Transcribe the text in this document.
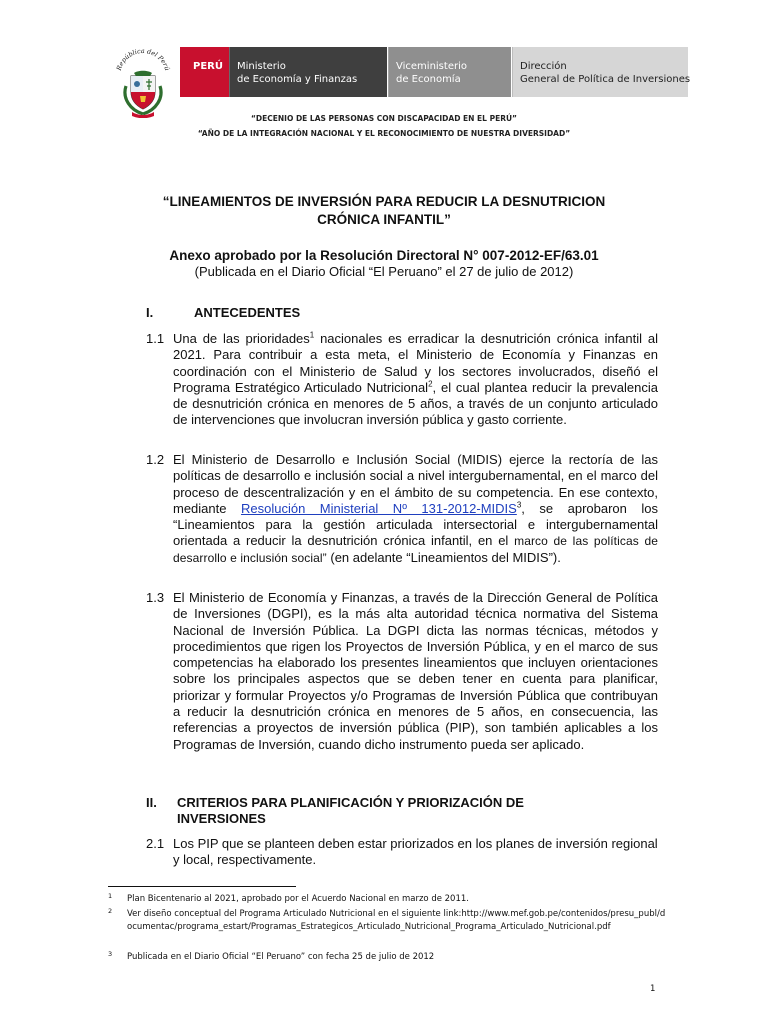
República del Perú PERÚ	Ministerio
de Economía y Finanzas
Viceministerio
de Economía
Dirección
General de Política de Inversiones
“DECENIO DE LAS PERSONAS CON DISCAPACIDAD EN EL PERÚ”
“AÑO DE LA INTEGRACIÓN NACIONAL Y EL RECONOCIMIENTO DE NUESTRA DIVERSIDAD”
“LINEAMIENTOS DE INVERSIÓN PARA REDUCIR LA DESNUTRICION
CRÓNICA INFANTIL”
Anexo aprobado por la Resolución Directoral N° 007-2012-EF/63.01
(Publicada en el Diario Oficial “El Peruano” el 27 de julio de 2012)
I.	ANTECEDENTES
1.1 Una de las prioridades$^1$ nacionales es erradicar la desnutrición crónica infantil al 2021. Para contribuir a esta meta, el Ministerio de Economía y Finanzas en coordinación con el Ministerio de Salud y los sectores involucrados, diseñó el Programa Estratégico Articulado Nutricional$^2$, el cual plantea reducir la prevalencia de desnutrición crónica en menores de 5 años, a través de un conjunto articulado de intervenciones que involucran inversión pública y gasto corriente.
1.2 El Ministerio de Desarrollo e Inclusión Social (MIDIS) ejerce la rectoría de las políticas de desarrollo e inclusión social a nivel intergubernamental, en el marco del proceso de descentralización y en el ámbito de su competencia. En ese contexto, mediante Resolución Ministerial Nº 131-2012-MIDIS$^3$, se aprobaron los “Lineamientos para la gestión articulada intersectorial e intergubernamental orientada a reducir la desnutrición crónica infantil, en el marco de las políticas de desarrollo e inclusión social” (en adelante “Lineamientos del MIDIS”).
1.3 El Ministerio de Economía y Finanzas, a través de la Dirección General de Política de Inversiones (DGPI), es la más alta autoridad técnica normativa del Sistema Nacional de Inversión Pública. La DGPI dicta las normas técnicas, métodos y procedimientos que rigen los Proyectos de Inversión Pública, y en el marco de sus competencias ha elaborado los presentes lineamientos que incluyen orientaciones sobre los principales aspectos que se deben tener en cuenta para planificar, priorizar y formular Proyectos y/o Programas de Inversión Pública que contribuyan a reducir la desnutrición crónica en menores de 5 años, en consecuencia, las referencias a proyectos de inversión pública (PIP), son también aplicables a los Programas de Inversión, cuando dicho instrumento pueda ser aplicado.
II. CRITERIOS PARA PLANIFICACIÓN Y PRIORIZACIÓN DE
INVERSIONES
2.1 Los PIP que se planteen deben estar priorizados en los planes de inversión regional y local, respectivamente.
1 Plan Bicentenario al 2021, aprobado por el Acuerdo Nacional en marzo de 2011.
2 Ver diseño conceptual del Programa Articulado Nutricional en el siguiente link:http://www.mef.gob.pe/contenidos/presu_publ/documentac/programa_estart/Programas_Estrategicos_Articulado_Nutricional_Programa_Articulado_Nutricional.pdf
3 Publicada en el Diario Oficial “El Peruano” con fecha 25 de julio de 2012
1
